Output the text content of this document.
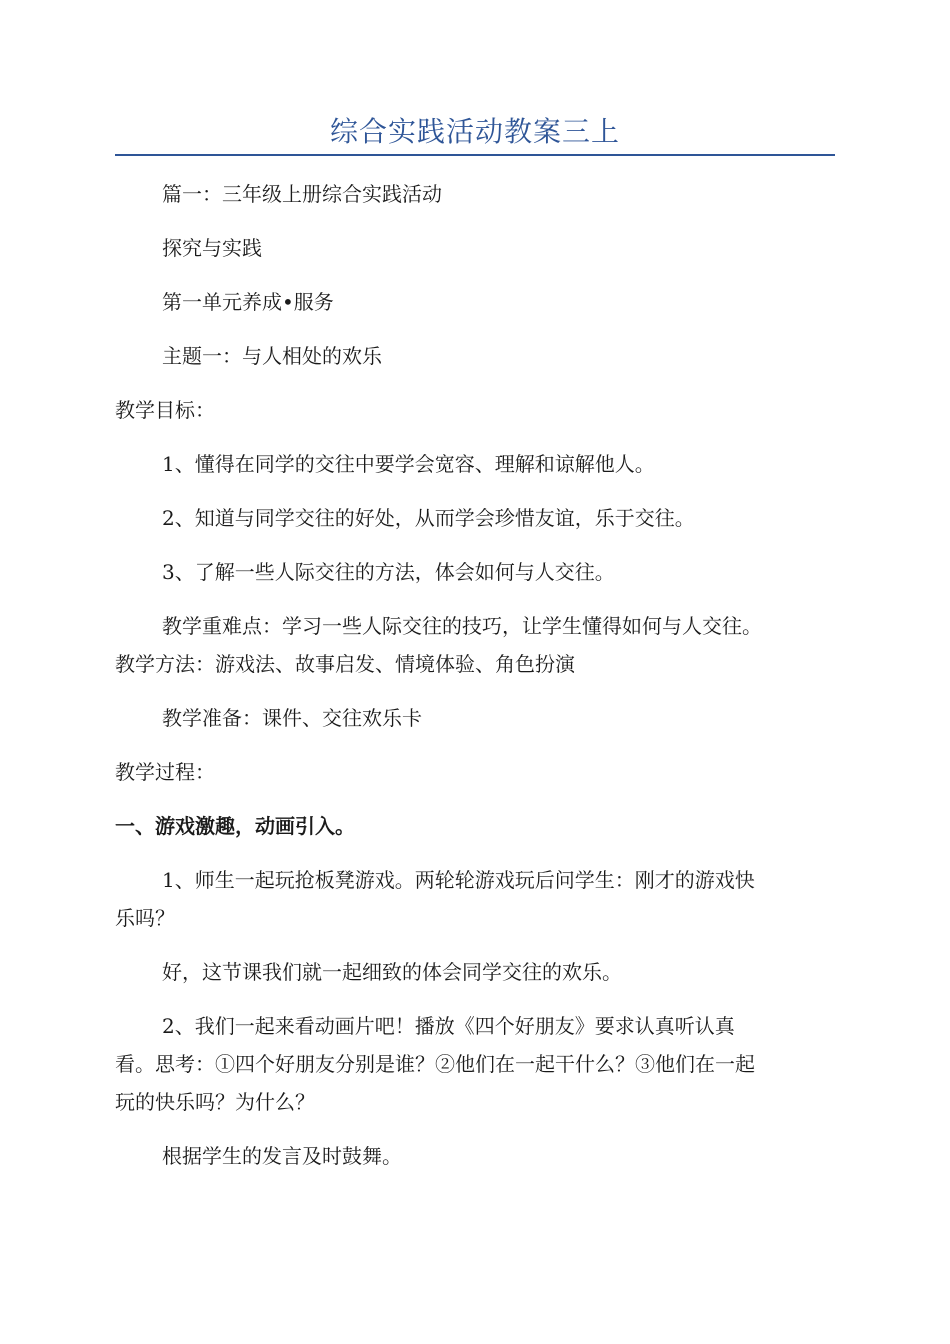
综合实践活动教案三上
篇一：三年级上册综合实践活动
探究与实践
第一单元养成•服务
主题一：与人相处的欢乐
教学目标：
1、懂得在同学的交往中要学会宽容、理解和谅解他人。
2、知道与同学交往的好处，从而学会珍惜友谊，乐于交往。
3、了解一些人际交往的方法，体会如何与人交往。
教学重难点：学习一些人际交往的技巧，让学生懂得如何与人交往。
教学方法：游戏法、故事启发、情境体验、角色扮演
教学准备：课件、交往欢乐卡
教学过程：
一、游戏激趣，动画引入。
1、师生一起玩抢板凳游戏。两轮轮游戏玩后问学生：刚才的游戏快
乐吗？
好，这节课我们就一起细致的体会同学交往的欢乐。
2、我们一起来看动画片吧！播放《四个好朋友》要求认真听认真
看。思考：①四个好朋友分别是谁？②他们在一起干什么？③他们在一起
玩的快乐吗？为什么？
根据学生的发言及时鼓舞。
